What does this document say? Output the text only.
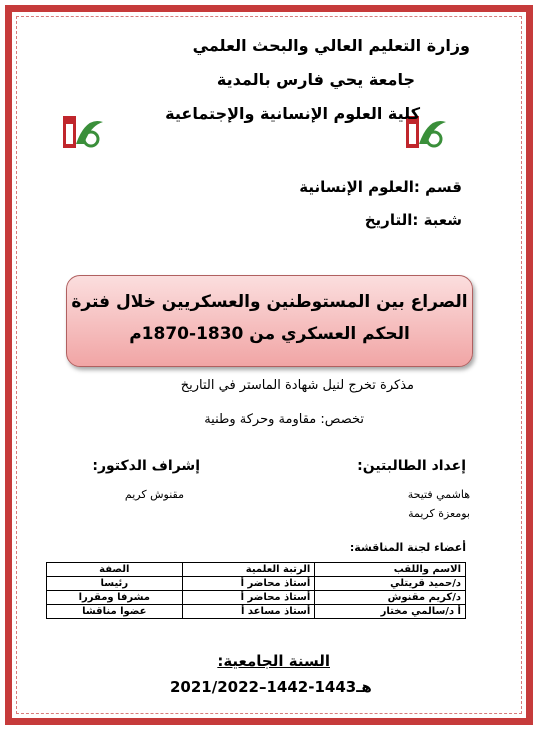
وزارة التعليم العالي والبحث العلمي
جامعة يحي فارس بالمدية
كلية العلوم الإنسانية والإجتماعية
قسم :العلوم الإنسانية
شعبة :التاريخ
الصراع بين المستوطنين والعسكريين خلال فترة
الحكم العسكري من 1830-1870م
مذكرة تخرج لنيل شهادة الماستر في التاريخ
تخصص: مقاومة وحركة وطنية
إعداد الطالبتين:
هاشمي فتيحة
بومعزة كريمة
إشراف الدكتور:
مقنوش كريم
أعضاء لجنة المناقشة:
الاسم واللقب	الرتبة العلمية	الصفة
د/حميد قريتلي	أستاذ محاضر أ	رئيسا
د/كريم مقنوش	أستاذ محاضر أ	مشرفا ومقررا
أ د/سالمي مختار	أستاذ مساعد أ	عضوا مناقشا
السنة الجامعية:
2021/2022–1442-1443هـ
